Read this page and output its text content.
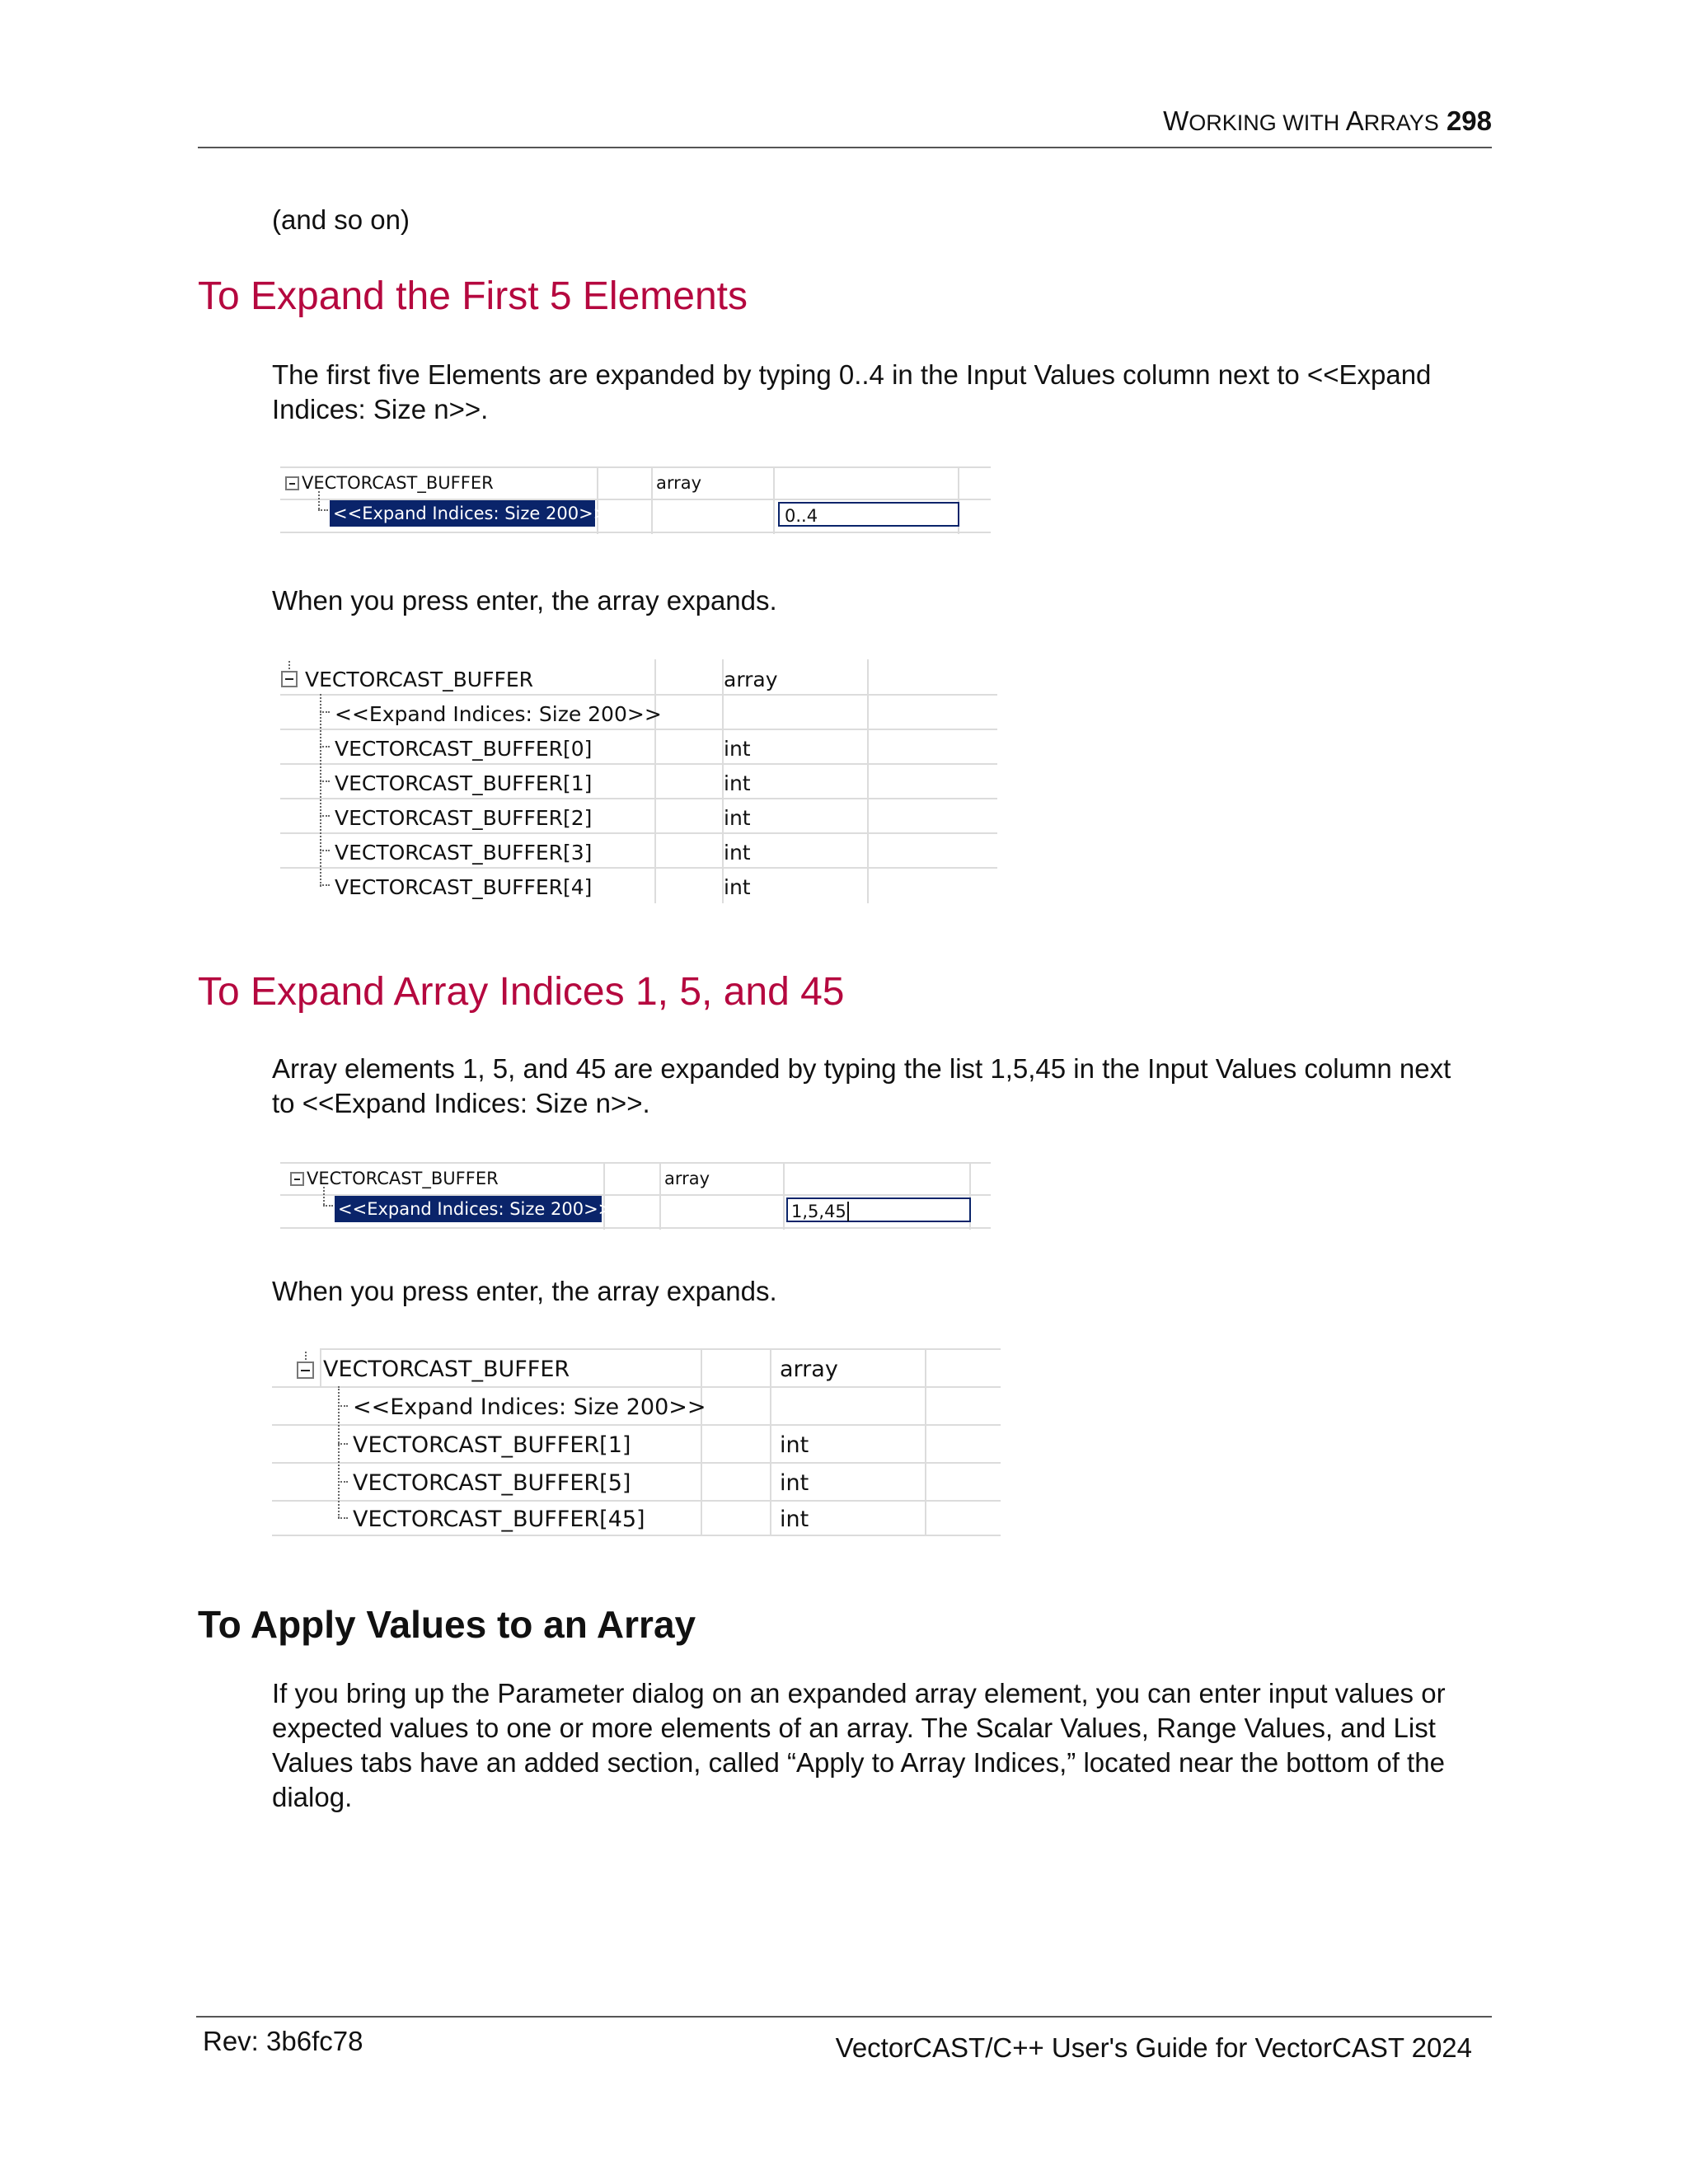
WORKING WITH ARRAYS 298
(and so on)
To Expand the First 5 Elements
The first five Elements are expanded by typing 0..4 in the Input Values column next to <<Expand Indices: Size n>>.
VECTORCAST_BUFFER	array
<<Expand Indices: Size 200>>	0..4
When you press enter, the array expands.
VECTORCAST_BUFFER	array
<<Expand Indices: Size 200>>
VECTORCAST_BUFFER[0]	int
VECTORCAST_BUFFER[1]	int
VECTORCAST_BUFFER[2]	int
VECTORCAST_BUFFER[3]	int
VECTORCAST_BUFFER[4]	int
To Expand Array Indices 1, 5, and 45
Array elements 1, 5, and 45 are expanded by typing the list 1,5,45 in the Input Values column next to <<Expand Indices: Size n>>.
VECTORCAST_BUFFER	array
<<Expand Indices: Size 200>>	1,5,45
When you press enter, the array expands.
VECTORCAST_BUFFER	array
<<Expand Indices: Size 200>>
VECTORCAST_BUFFER[1]	int
VECTORCAST_BUFFER[5]	int
VECTORCAST_BUFFER[45]	int
To Apply Values to an Array
If you bring up the Parameter dialog on an expanded array element, you can enter input values or expected values to one or more elements of an array. The Scalar Values, Range Values, and List Values tabs have an added section, called “Apply to Array Indices,” located near the bottom of the dialog.
Rev: 3b6fc78	VectorCAST/C++ User's Guide for VectorCAST 2024
